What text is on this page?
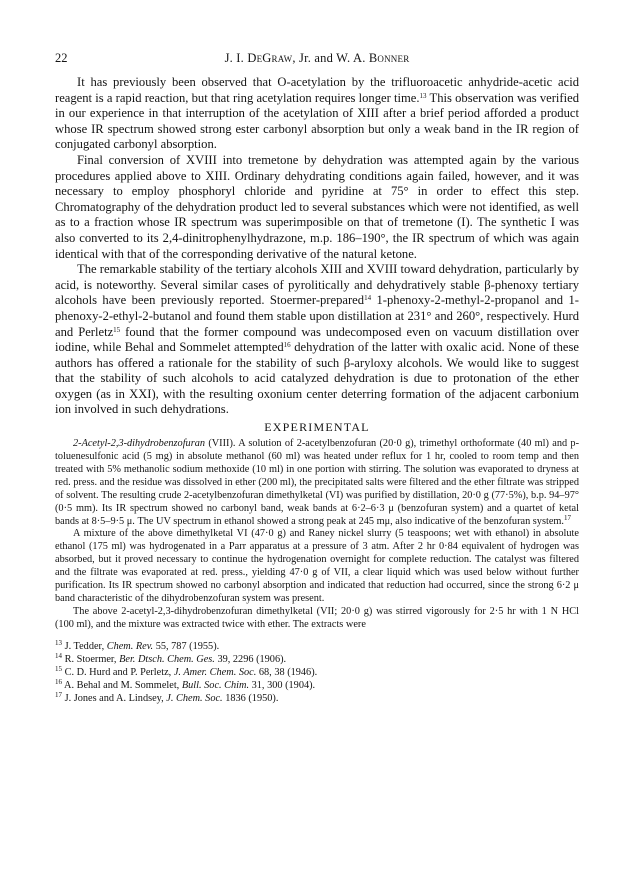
22	J. I. DeGraw, Jr. and W. A. Bonner

It has previously been observed that O-acetylation by the trifluoroacetic anhydride-acetic acid reagent is a rapid reaction, but that ring acetylation requires longer time.$^{13}$ This observation was verified in our experience in that interruption of the acetylation of XIII after a brief period afforded a product whose IR spectrum showed strong ester carbonyl absorption but only a weak band in the IR region of conjugated carbonyl absorption.

Final conversion of XVIII into tremetone by dehydration was attempted again by the various procedures applied above to XIII. Ordinary dehydrating conditions again failed, however, and it was necessary to employ phosphoryl chloride and pyridine at 75° in order to effect this step. Chromatography of the dehydration product led to several substances which were not identified, as well as to a fraction whose IR spectrum was superimposible on that of tremetone (I). The synthetic I was also converted to its 2,4-dinitrophenylhydrazone, m.p. 186–190°, the IR spectrum of which was again identical with that of the corresponding derivative of the natural ketone.

The remarkable stability of the tertiary alcohols XIII and XVIII toward dehydration, particularly by acid, is noteworthy. Several similar cases of pyrolitically and dehydratively stable β-phenoxy tertiary alcohols have been previously reported. Stoermer-prepared$^{14}$ 1-phenoxy-2-methyl-2-propanol and 1-phenoxy-2-ethyl-2-butanol and found them stable upon distillation at 231° and 260°, respectively. Hurd and Perletz$^{15}$ found that the former compound was undecomposed even on vacuum distillation over iodine, while Behal and Sommelet attempted$^{16}$ dehydration of the latter with oxalic acid. None of these authors has offered a rationale for the stability of such β-aryloxy alcohols. We would like to suggest that the stability of such alcohols to acid catalyzed dehydration is due to protonation of the ether oxygen (as in XXI), with the resulting oxonium center deterring formation of the adjacent carbonium ion involved in such dehydrations.

EXPERIMENTAL

2-Acetyl-2,3-dihydrobenzofuran (VIII). A solution of 2-acetylbenzofuran (20·0 g), trimethyl orthoformate (40 ml) and p-toluenesulfonic acid (5 mg) in absolute methanol (60 ml) was heated under reflux for 1 hr, cooled to room temp and then treated with 5% methanolic sodium methoxide (10 ml) in one portion with stirring. The solution was evaporated to dryness at red. press. and the residue was dissolved in ether (200 ml), the precipitated salts were filtered and the ether filtrate was stripped of solvent. The resulting crude 2-acetylbenzofuran dimethylketal (VI) was purified by distillation, 20·0 g (77·5%), b.p. 94–97° (0·5 mm). Its IR spectrum showed no carbonyl band, weak bands at 6·2–6·3 μ (benzofuran system) and a quartet of ketal bands at 8·5–9·5 μ. The UV spectrum in ethanol showed a strong peak at 245 mμ, also indicative of the benzofuran system.$^{17}$

A mixture of the above dimethylketal VI (47·0 g) and Raney nickel slurry (5 teaspoons; wet with ethanol) in absolute ethanol (175 ml) was hydrogenated in a Parr apparatus at a pressure of 3 atm. After 2 hr 0·84 equivalent of hydrogen was absorbed, but it proved necessary to continue the hydrogenation overnight for complete reduction. The catalyst was filtered and the filtrate was evaporated at red. press., yielding 47·0 g of VII, a clear liquid which was used below without further purification. Its IR spectrum showed no carbonyl absorption and indicated that reduction had occurred, since the strong 6·2 μ band characteristic of the dihydrobenzofuran system was present.

The above 2-acetyl-2,3-dihydrobenzofuran dimethylketal (VII; 20·0 g) was stirred vigorously for 2·5 hr with 1 N HCl (100 ml), and the mixture was extracted twice with ether. The extracts were

$^{13}$ J. Tedder, Chem. Rev. 55, 787 (1955).
$^{14}$ R. Stoermer, Ber. Dtsch. Chem. Ges. 39, 2296 (1906).
$^{15}$ C. D. Hurd and P. Perletz, J. Amer. Chem. Soc. 68, 38 (1946).
$^{16}$ A. Behal and M. Sommelet, Bull. Soc. Chim. 31, 300 (1904).
$^{17}$ J. Jones and A. Lindsey, J. Chem. Soc. 1836 (1950).
